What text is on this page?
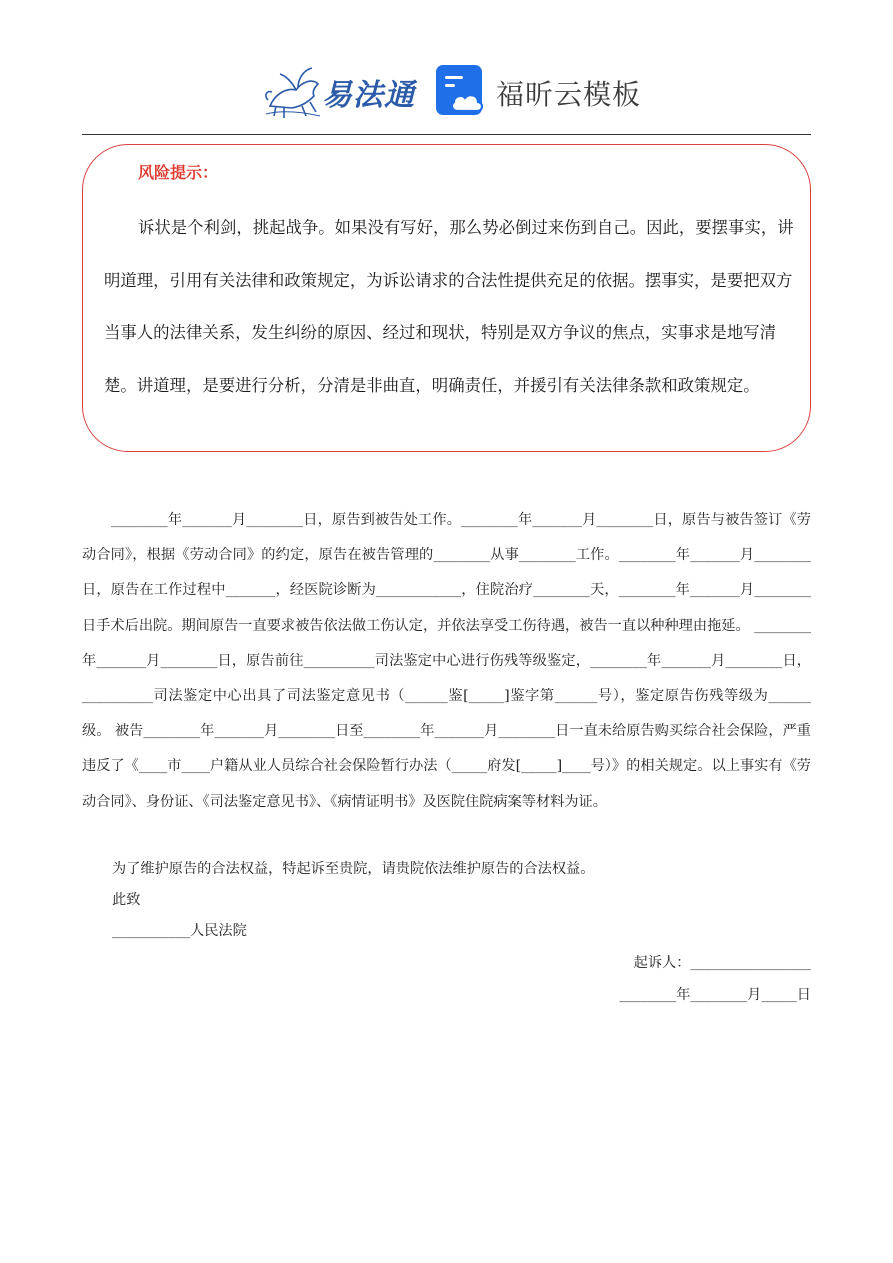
易法通	福昕云模板
风险提示：

诉状是个利剑，挑起战争。如果没有写好，那么势必倒过来伤到自己。因此，要摆事实，讲明道理，引用有关法律和政策规定，为诉讼请求的合法性提供充足的依据。摆事实，是要把双方当事人的法律关系，发生纠纷的原因、经过和现状，特别是双方争议的焦点，实事求是地写清楚。讲道理，是要进行分析，分清是非曲直，明确责任，并援引有关法律条款和政策规定。

________年_______月________日，原告到被告处工作。________年_______月________日，原告与被告签订《劳动合同》，根据《劳动合同》的约定，原告在被告管理的________从事________工作。________年_______月________日，原告在工作过程中_______，经医院诊断为____________，住院治疗________天，________年_______月________日手术后出院。期间原告一直要求被告依法做工伤认定，并依法享受工伤待遇，被告一直以种种理由拖延。 ________年_______月________日，原告前往__________司法鉴定中心进行伤残等级鉴定，________年_______月________日，__________司法鉴定中心出具了司法鉴定意见书（______鉴[_____]鉴字第______号），鉴定原告伤残等级为______级。 被告________年_______月________日至________年_______月________日一直未给原告购买综合社会保险，严重违反了《____市____户籍从业人员综合社会保险暂行办法（_____府发[_____]____号）》的相关规定。以上事实有《劳动合同》、身份证、《司法鉴定意见书》、《病情证明书》及医院住院病案等材料为证。

为了维护原告的合法权益，特起诉至贵院，请贵院依法维护原告的合法权益。
此致
___________人民法院
起诉人：_________________
________年________月_____日
